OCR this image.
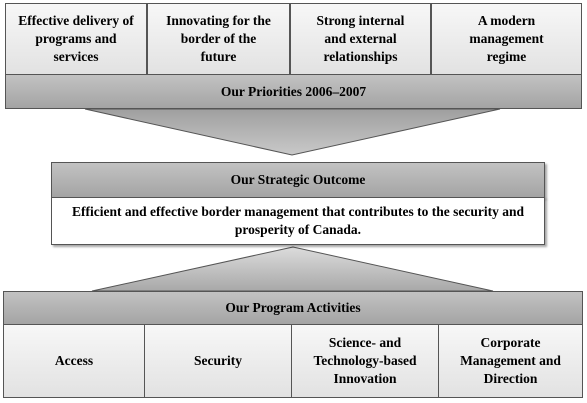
Effective delivery of programs and services
Innovating for the border of the future
Strong internal and external relationships
A modern management regime
Our Priorities 2006–2007
Our Strategic Outcome
Efficient and effective border management that contributes to the security and prosperity of Canada.
Our Program Activities
Access	Security
Science- and Technology-based Innovation
Corporate Management and Direction
